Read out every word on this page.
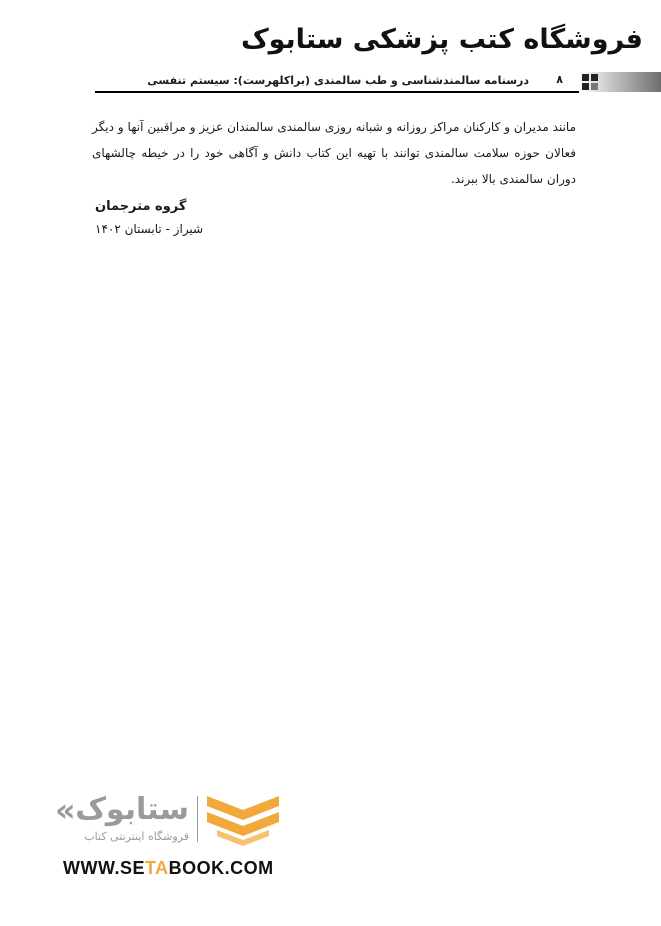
فروشگاه کتب پزشکی ستابوک
درسنامه سالمندشناسی و طب سالمندی (براکلهرست): سیستم تنفسی ۸

مانند مدیران و کارکنان مراکز روزانه و شبانه روزی سالمندی سالمندان عزیز و مراقبین آنها و دیگر فعالان حوزه سلامت سالمندی توانند با تهیه این کتاب دانش و آگاهی خود را در خیطه چالشهای دوران سالمندی بالا ببرند.

گروه مترجمان
شیراز - تابستان ۱۴۰۲
« ستابوک
فروشگاه اینترنتی کتاب
WWW.SETABOOK.COM
